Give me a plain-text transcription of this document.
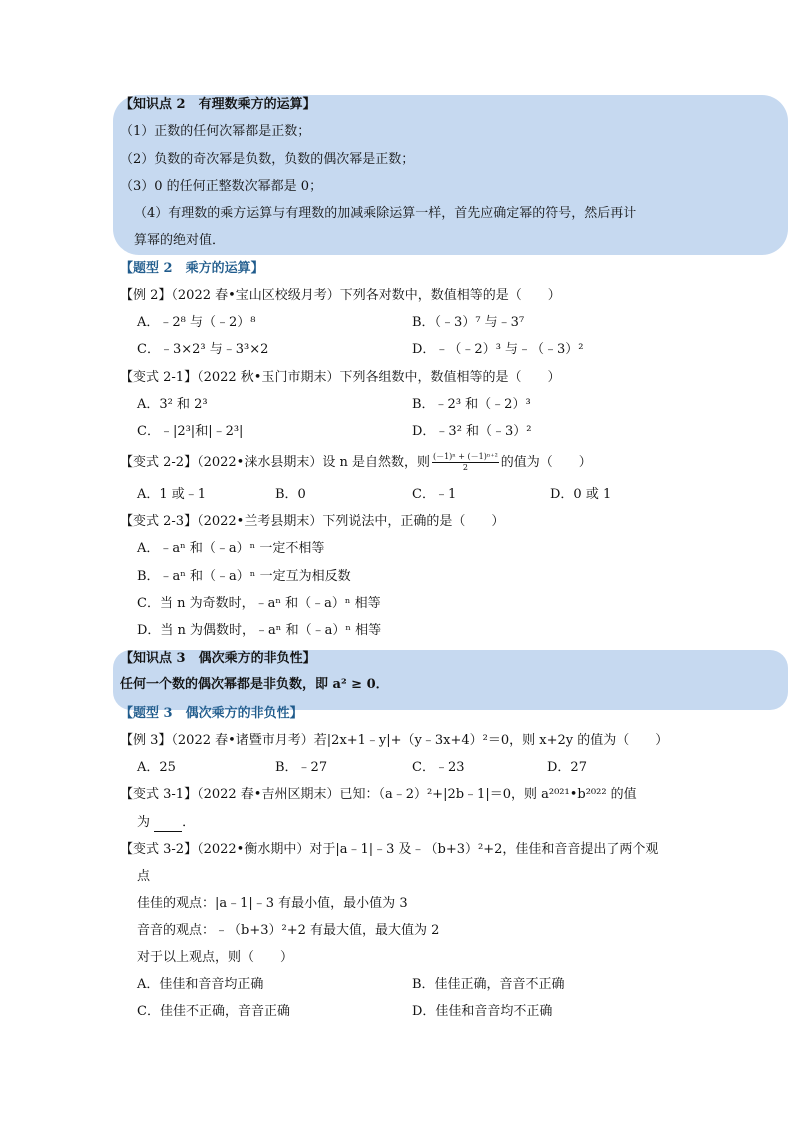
【知识点 2　有理数乘方的运算】
（1）正数的任何次幂都是正数；
（2）负数的奇次幂是负数，负数的偶次幂是正数；
（3）0 的任何正整数次幂都是 0；
（4）有理数的乘方运算与有理数的加减乘除运算一样，首先应确定幂的符号，然后再计
算幂的绝对值．
【题型 2　乘方的运算】
【例 2】（2022 春•宝山区校级月考）下列各对数中，数值相等的是（　　）
A．﹣2⁸ 与（﹣2）⁸	B．（﹣3）⁷ 与﹣3⁷
C．﹣3×2³ 与﹣3³×2	D．﹣（﹣2）³ 与﹣（﹣3）²
【变式 2-1】（2022 秋•玉门市期末）下列各组数中，数值相等的是（　　）
A．3² 和 2³	B．﹣2³ 和（﹣2）³
C．﹣|2³|和|﹣2³|	D．﹣3² 和（﹣3）²
【变式 2-2】（2022•涞水县期末）设 n 是自然数，则 $\frac{\text{(－1)ⁿ + (－1)ⁿ⁺²}}{2}$ 的值为（　　）
A．1 或﹣1	B．0	C．﹣1	D．0 或 1
【变式 2-3】（2022•兰考县期末）下列说法中，正确的是（　　）
A．﹣aⁿ 和（﹣a）ⁿ 一定不相等
B．﹣aⁿ 和（﹣a）ⁿ 一定互为相反数
C．当 n 为奇数时，﹣aⁿ 和（﹣a）ⁿ 相等
D．当 n 为偶数时，﹣aⁿ 和（﹣a）ⁿ 相等
【知识点 3　偶次乘方的非负性】
任何一个数的偶次幂都是非负数，即 a² ≥ 0．
【题型 3　偶次乘方的非负性】
【例 3】（2022 春•诸暨市月考）若|2x+1﹣y|+（y﹣3x+4）²＝0，则 x+2y 的值为（　　）
A．25	B．﹣27	C．﹣23	D．27
【变式 3-1】（2022 春•吉州区期末）已知：（a﹣2）²+|2b﹣1|＝0，则 a²⁰²¹•b²⁰²² 的值
为 ．
【变式 3-2】（2022•衡水期中）对于|a﹣1|﹣3 及﹣（b+3）²+2，佳佳和音音提出了两个观
点
佳佳的观点：|a﹣1|﹣3 有最小值，最小值为 3
音音的观点：﹣（b+3）²+2 有最大值，最大值为 2
对于以上观点，则（　　）
A．佳佳和音音均正确	B．佳佳正确，音音不正确
C．佳佳不正确，音音正确	D．佳佳和音音均不正确
